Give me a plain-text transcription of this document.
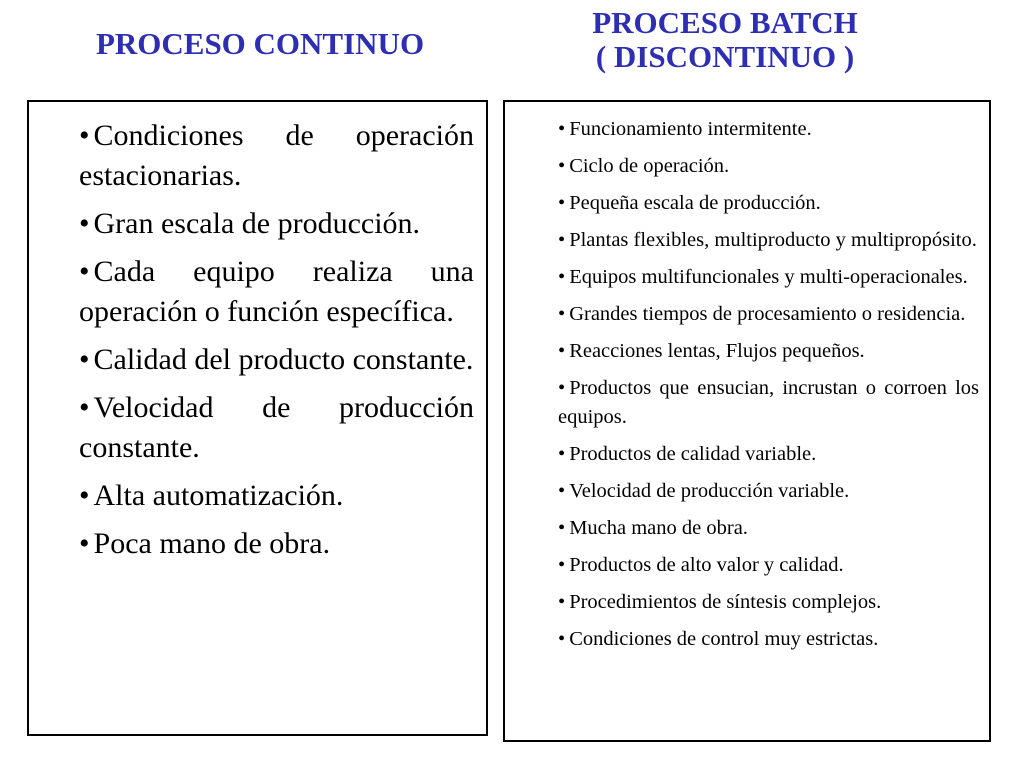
PROCESO CONTINUO
PROCESO BATCH
( DISCONTINUO )
• Condiciones de operación estacionarias.
• Gran escala de producción.
• Cada equipo realiza una operación o función específica.
• Calidad del producto constante.
• Velocidad de producción constante.
• Alta automatización.
• Poca mano de obra.
• Funcionamiento intermitente.
• Ciclo de operación.
• Pequeña escala de producción.
• Plantas flexibles, multiproducto y multipropósito.
• Equipos multifuncionales y multi-operacionales.
• Grandes tiempos de procesamiento o residencia.
• Reacciones lentas, Flujos pequeños.
• Productos que ensucian, incrustan o corroen los equipos.
• Productos de calidad variable.
• Velocidad de producción variable.
• Mucha mano de obra.
• Productos de alto valor y calidad.
• Procedimientos de síntesis complejos.
• Condiciones de control muy estrictas.
